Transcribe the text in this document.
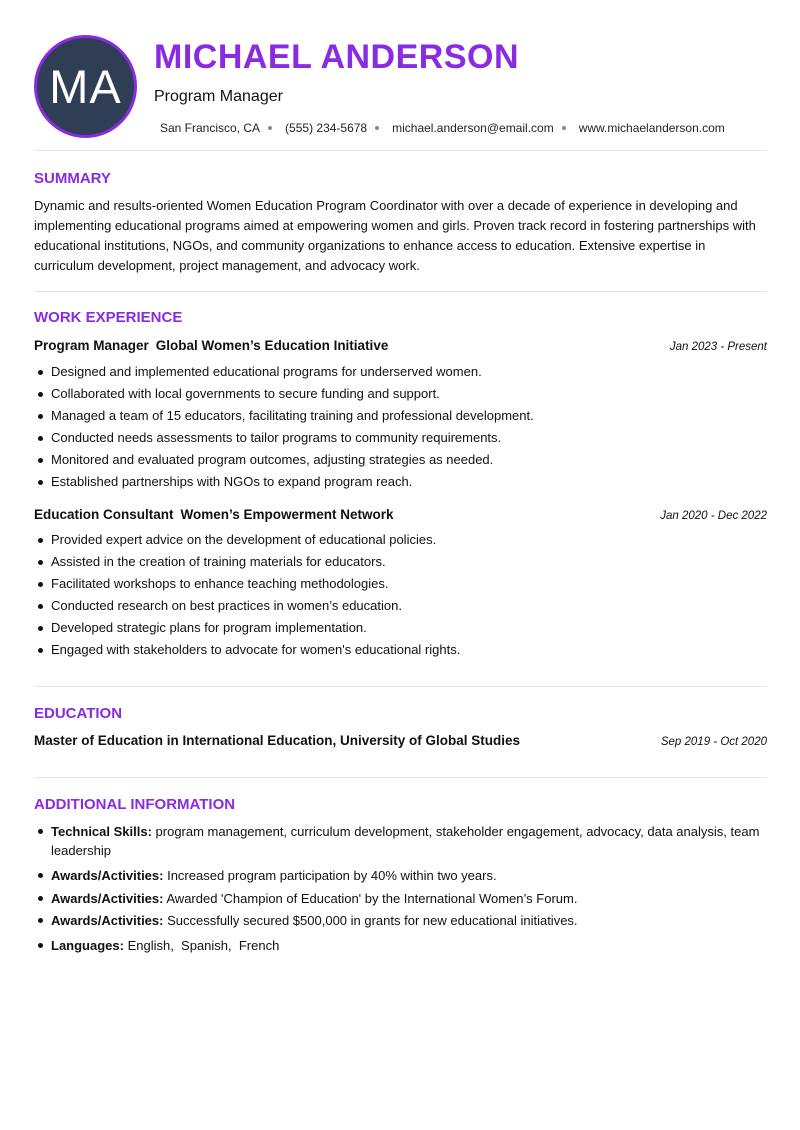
MA
MICHAEL ANDERSON
Program Manager
San Francisco, CA (555) 234-5678 michael.anderson@email.com www.michaelanderson.com
SUMMARY
Dynamic and results-oriented Women Education Program Coordinator with over a decade of experience in developing and implementing educational programs aimed at empowering women and girls. Proven track record in fostering partnerships with educational institutions, NGOs, and community organizations to enhance access to education. Extensive expertise in curriculum development, project management, and advocacy work.
WORK EXPERIENCE
Program Manager Global Women’s Education Initiative	Jan 2023 - Present
Designed and implemented educational programs for underserved women.
Collaborated with local governments to secure funding and support.
Managed a team of 15 educators, facilitating training and professional development.
Conducted needs assessments to tailor programs to community requirements.
Monitored and evaluated program outcomes, adjusting strategies as needed.
Established partnerships with NGOs to expand program reach.
Education Consultant Women’s Empowerment Network	Jan 2020 - Dec 2022
Provided expert advice on the development of educational policies.
Assisted in the creation of training materials for educators.
Facilitated workshops to enhance teaching methodologies.
Conducted research on best practices in women’s education.
Developed strategic plans for program implementation.
Engaged with stakeholders to advocate for women's educational rights.
EDUCATION
Master of Education in International Education, University of Global Studies	Sep 2019 - Oct 2020
ADDITIONAL INFORMATION
Technical Skills: program management, curriculum development, stakeholder engagement, advocacy, data analysis, team leadership
Awards/Activities: Increased program participation by 40% within two years.
Awards/Activities: Awarded 'Champion of Education' by the International Women’s Forum.
Awards/Activities: Successfully secured $500,000 in grants for new educational initiatives.
Languages: English,  Spanish,  French
